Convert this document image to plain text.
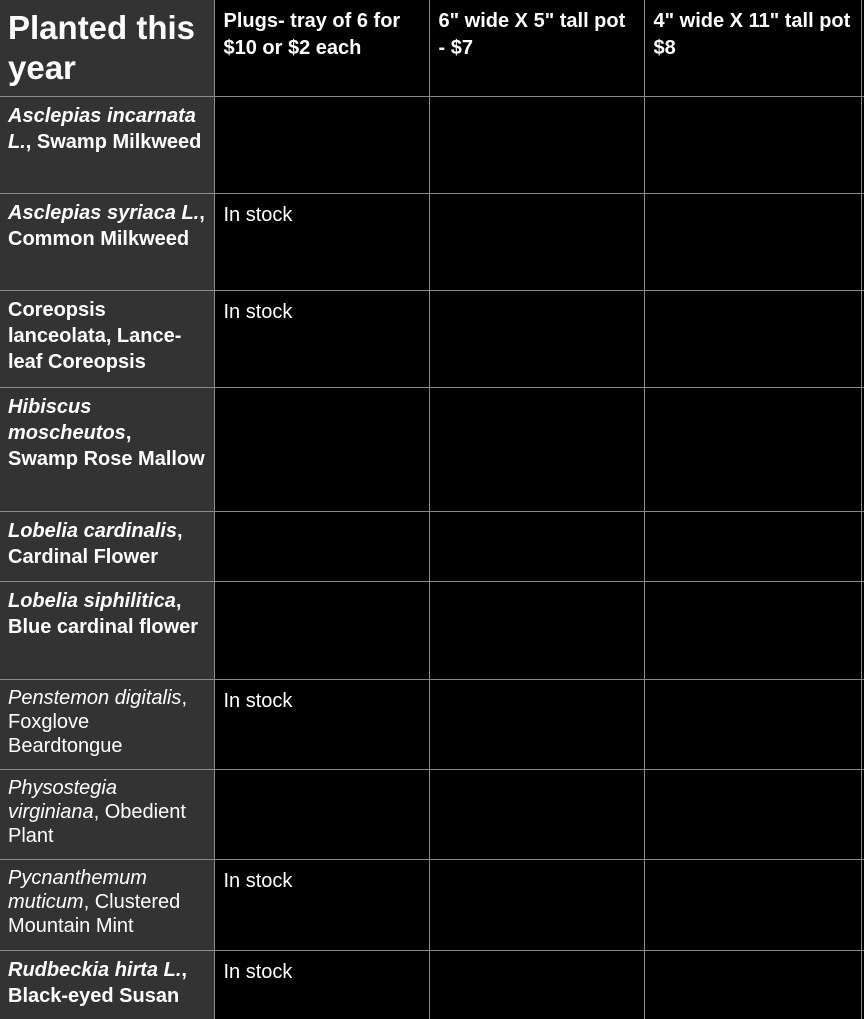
Planted this year	Plugs- tray of 6 for $10 or $2 each	6" wide X 5" tall pot - $7	4" wide X 11" tall pot $8	
Asclepias incarnata L., Swamp Milkweed				
Asclepias syriaca L., Common Milkweed	In stock			
Coreopsis lanceolata, Lance-leaf Coreopsis	In stock			
Hibiscus moscheutos, Swamp Rose Mallow				
Lobelia cardinalis, Cardinal Flower				
Lobelia siphilitica, Blue cardinal flower				
Penstemon digitalis, Foxglove Beardtongue	In stock			
Physostegia virginiana, Obedient Plant				
Pycnanthemum muticum, Clustered Mountain Mint	In stock			
Rudbeckia hirta L., Black-eyed Susan	In stock			
